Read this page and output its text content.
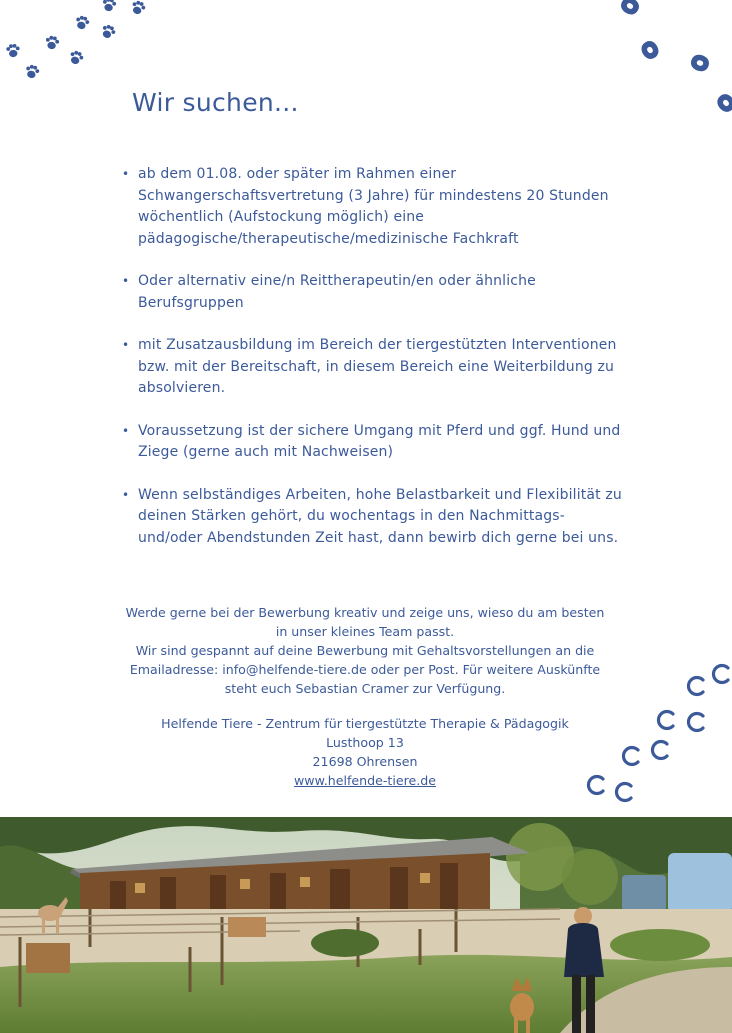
Wir suchen...
• ab dem 01.08. oder später im Rahmen einer Schwangerschaftsvertretung (3 Jahre) für mindestens 20 Stunden wöchentlich (Aufstockung möglich) eine pädagogische/therapeutische/medizinische Fachkraft
• Oder alternativ eine/n Reittherapeutin/en oder ähnliche Berufsgruppen
• mit Zusatzausbildung im Bereich der tiergestützten Interventionen bzw. mit der Bereitschaft, in diesem Bereich eine Weiterbildung zu absolvieren.
• Voraussetzung ist der sichere Umgang mit Pferd und ggf. Hund und Ziege (gerne auch mit Nachweisen)
• Wenn selbständiges Arbeiten, hohe Belastbarkeit und Flexibilität zu deinen Stärken gehört, du wochentags in den Nachmittags- und/oder Abendstunden Zeit hast, dann bewirb dich gerne bei uns.

Werde gerne bei der Bewerbung kreativ und zeige uns, wieso du am besten in unser kleines Team passt.

Wir sind gespannt auf deine Bewerbung mit Gehaltsvorstellungen an die Emailadresse: info@helfende-tiere.de oder per Post. Für weitere Auskünfte steht euch Sebastian Cramer zur Verfügung.

Helfende Tiere - Zentrum für tiergestützte Therapie & Pädagogik

Lusthoop 13

21698 Ohrensen

www.helfende-tiere.de
